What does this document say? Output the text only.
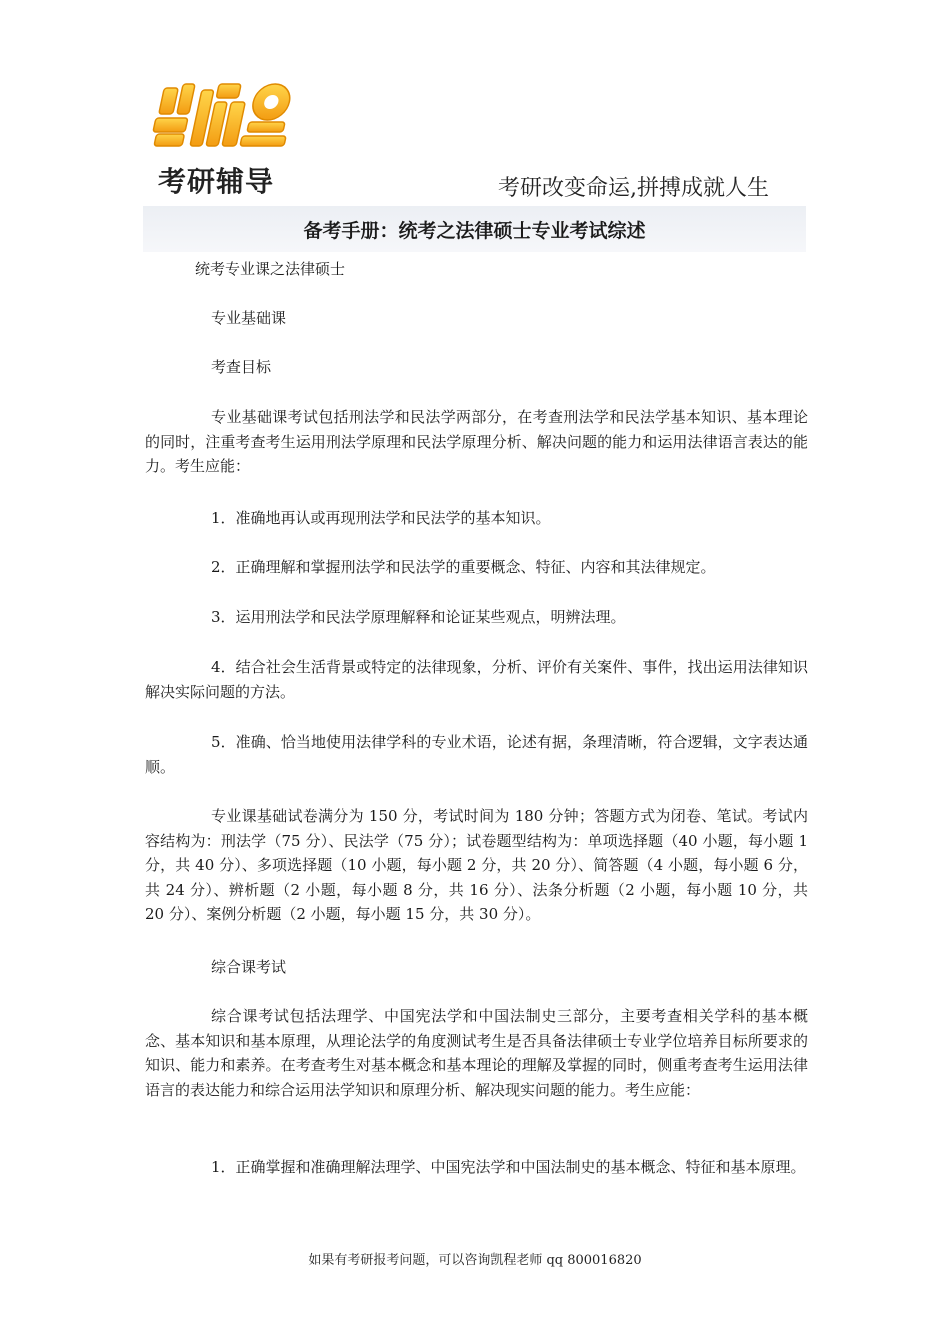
考研辅导	考研改变命运,拼搏成就人生
备考手册：统考之法律硕士专业考试综述

统考专业课之法律硕士

专业基础课

考查目标

专业基础课考试包括刑法学和民法学两部分，在考查刑法学和民法学基本知识、基本理论的同时，注重考查考生运用刑法学原理和民法学原理分析、解决问题的能力和运用法律语言表达的能力。考生应能：

1．准确地再认或再现刑法学和民法学的基本知识。

2．正确理解和掌握刑法学和民法学的重要概念、特征、内容和其法律规定。

3．运用刑法学和民法学原理解释和论证某些观点，明辨法理。

4．结合社会生活背景或特定的法律现象，分析、评价有关案件、事件，找出运用法律知识解决实际问题的方法。

5．准确、恰当地使用法律学科的专业术语，论述有据，条理清晰，符合逻辑，文字表达通顺。

专业课基础试卷满分为 150 分，考试时间为 180 分钟；答题方式为闭卷、笔试。考试内容结构为：刑法学（75 分）、民法学（75 分）；试卷题型结构为：单项选择题（40 小题，每小题 1 分，共 40 分）、多项选择题（10 小题，每小题 2 分，共 20 分）、简答题（4 小题，每小题 6 分，共 24 分）、辨析题（2 小题，每小题 8 分，共 16 分）、法条分析题（2 小题，每小题 10 分，共 20 分）、案例分析题（2 小题，每小题 15 分，共 30 分）。

综合课考试

综合课考试包括法理学、中国宪法学和中国法制史三部分，主要考查相关学科的基本概念、基本知识和基本原理，从理论法学的角度测试考生是否具备法律硕士专业学位培养目标所要求的知识、能力和素养。在考查考生对基本概念和基本理论的理解及掌握的同时，侧重考查考生运用法律语言的表达能力和综合运用法学知识和原理分析、解决现实问题的能力。考生应能：

1．正确掌握和准确理解法理学、中国宪法学和中国法制史的基本概念、特征和基本原理。

如果有考研报考问题，可以咨询凯程老师 qq 800016820
